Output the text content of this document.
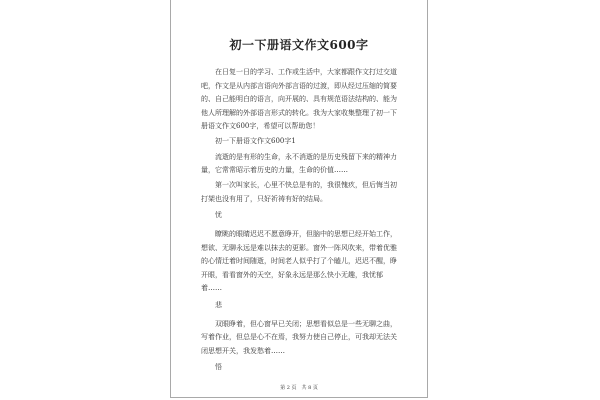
初一下册语文作文600字

在日复一日的学习、工作或生活中，大家都跟作文打过交道吧，作文是从内部言语向外部言语的过渡，即从经过压缩的简要的、自己能明白的语言，向开展的、具有规范语法结构的、能为他人所理解的外部语言形式的转化。我为大家收集整理了初一下册语文作文600字，希望可以帮助您！

初一下册语文作文600字1

流逝的是有形的生命，永不消逝的是历史残留下来的精神力量，它常常昭示着历史的力量，生命的价值……

第一次叫家长，心里不快总是有的，我很愧疚，但后悔当初打架也没有用了，只好祈祷有好的结局。

忧

瞭眺的眼睛迟迟不愿意睁开，但脑中的思想已经开始工作，想欲、无聊永远是难以抹去的更影。窗外一阵风吹来，带着优雅的心情迁着时间随逝，时间老人似乎打了个瞌儿，迟迟不醒，睁开眼，看看窗外的天空，好象永远是那么快小无趣，我忧郁着……

悲

双眼睁着，但心窗早已关闭；思想看似总是一些无聊之曲，写着作业，但总是心不在焉，我努力使自己停止，可我却无法关闭思想开关，我发愁着……

悟

第 2 页　共 8 页
